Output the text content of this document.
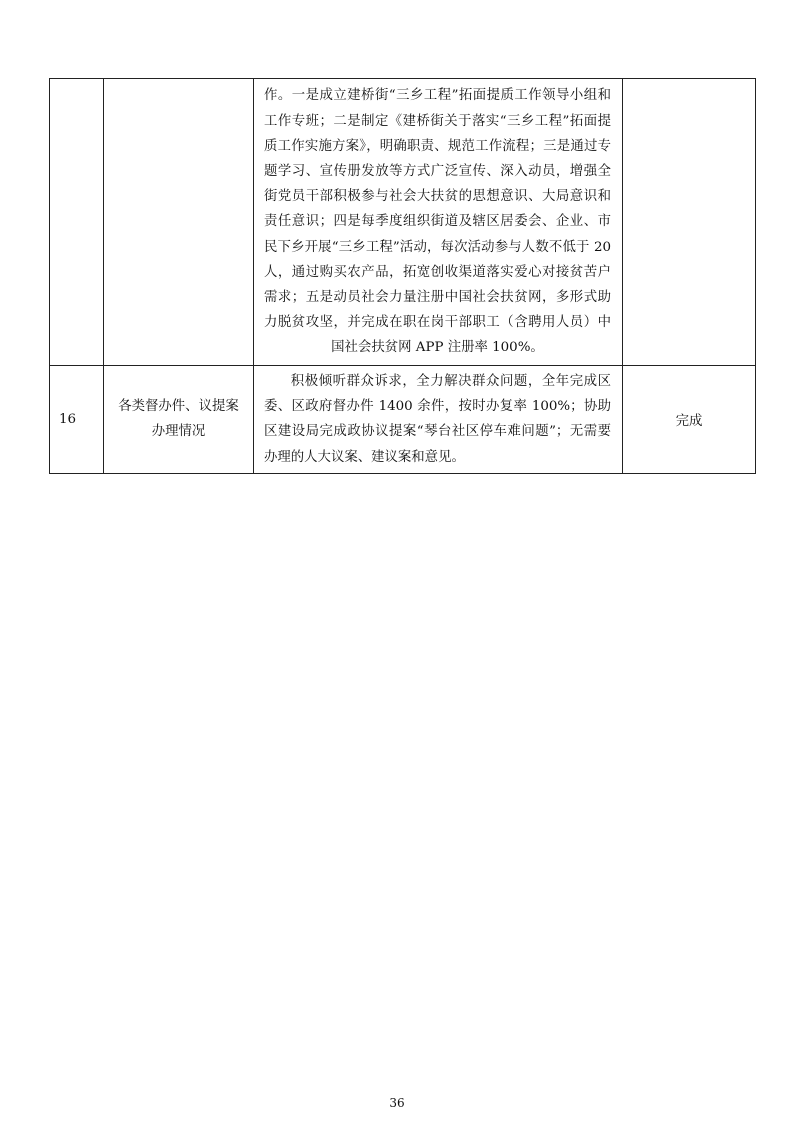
		作。一是成立建桥街“三乡工程”拓面提质工作领导小组和工作专班；二是制定《建桥街关于落实“三乡工程”拓面提质工作实施方案》，明确职责、规范工作流程；三是通过专题学习、宣传册发放等方式广泛宣传、深入动员，增强全街党员干部积极参与社会大扶贫的思想意识、大局意识和责任意识；四是每季度组织街道及辖区居委会、企业、市民下乡开展“三乡工程”活动，每次活动参与人数不低于 20 人，通过购买农产品，拓宽创收渠道落实爱心对接贫苦户需求；五是动员社会力量注册中国社会扶贫网，多形式助力脱贫攻坚，并完成在职在岗干部职工（含聘用人员）中国社会扶贫网 APP 注册率 100%。	

16	各类督办件、议提案
办理情况	积极倾听群众诉求，全力解决群众问题，全年完成区委、区政府督办件 1400 余件，按时办复率 100%；协助区建设局完成政协议提案“琴台社区停车难问题”；无需要办理的人大议案、建议案和意见。	完成
36
